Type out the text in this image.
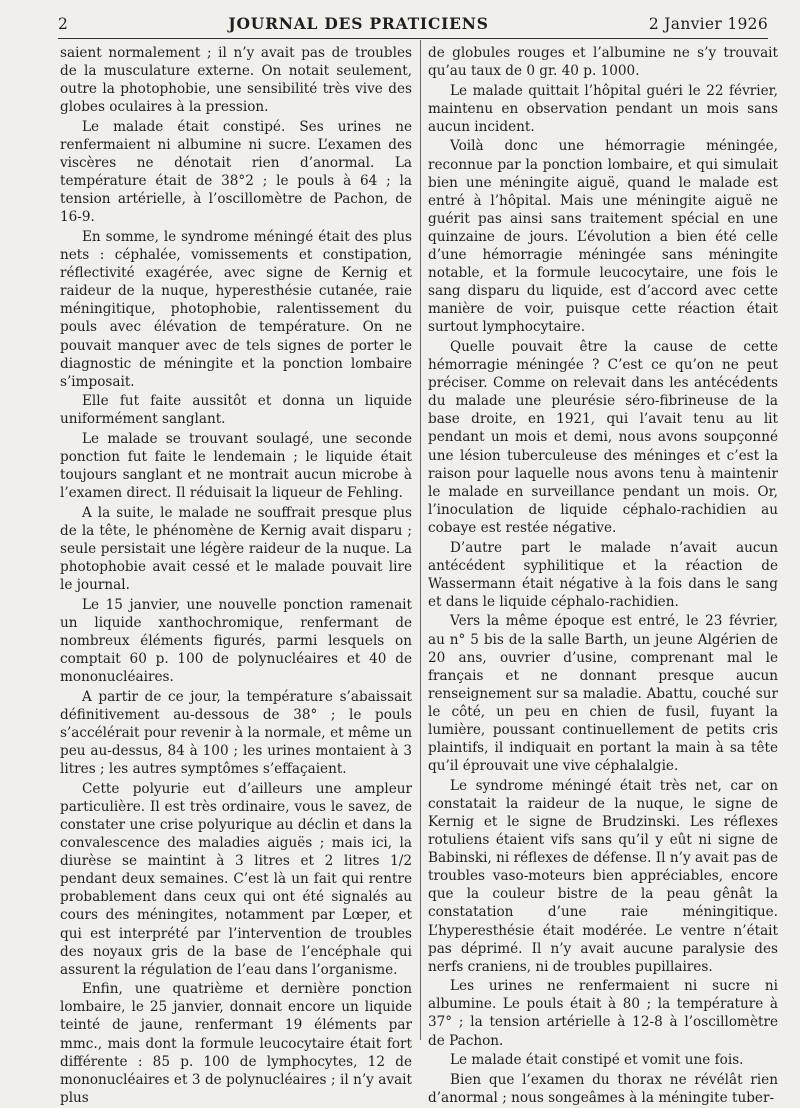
2	JOURNAL DES PRATICIENS	2 Janvier 1926

saient normalement ; il n’y avait pas de troubles de la musculature externe. On notait seulement, outre la photophobie, une sensibilité très vive des globes oculaires à la pression.

Le malade était constipé. Ses urines ne renfermaient ni albumine ni sucre. L’examen des viscères ne dénotait rien d’anormal. La température était de 38°2 ; le pouls à 64 ; la tension artérielle, à l’oscillomètre de Pachon, de 16-9.

En somme, le syndrome méningé était des plus nets : céphalée, vomissements et constipation, réflectivité exagérée, avec signe de Kernig et raideur de la nuque, hyperesthésie cutanée, raie méningitique, photophobie, ralentissement du pouls avec élévation de température. On ne pouvait manquer avec de tels signes de porter le diagnostic de méningite et la ponction lombaire s’imposait.

Elle fut faite aussitôt et donna un liquide uniformément sanglant.

Le malade se trouvant soulagé, une seconde ponction fut faite le lendemain ; le liquide était toujours sanglant et ne montrait aucun microbe à l’examen direct. Il réduisait la liqueur de Fehling.

A la suite, le malade ne souffrait presque plus de la tête, le phénomène de Kernig avait disparu ; seule persistait une légère raideur de la nuque. La photophobie avait cessé et le malade pouvait lire le journal.

Le 15 janvier, une nouvelle ponction ramenait un liquide xanthochromique, renfermant de nombreux éléments figurés, parmi lesquels on comptait 60 p. 100 de polynucléaires et 40 de mononucléaires.

A partir de ce jour, la température s’abaissait définitivement au-dessous de 38° ; le pouls s’accélérait pour revenir à la normale, et même un peu au-dessus, 84 à 100 ; les urines montaient à 3 litres ; les autres symptômes s’effaçaient.

Cette polyurie eut d’ailleurs une ampleur particulière. Il est très ordinaire, vous le savez, de constater une crise polyurique au déclin et dans la convalescence des maladies aiguës ; mais ici, la diurèse se maintint à 3 litres et 2 litres 1/2 pendant deux semaines. C’est là un fait qui rentre probablement dans ceux qui ont été signalés au cours des méningites, notamment par Lœper, et qui est interprété par l’intervention de troubles des noyaux gris de la base de l’encéphale qui assurent la régulation de l’eau dans l’organisme.

Enfin, une quatrième et dernière ponction lombaire, le 25 janvier, donnait encore un liquide teinté de jaune, renfermant 19 éléments par mmc., mais dont la formule leucocytaire était fort différente : 85 p. 100 de lymphocytes, 12 de mononucléaires et 3 de polynucléaires ; il n’y avait plus

de globules rouges et l’albumine ne s’y trouvait qu’au taux de 0 gr. 40 p. 1000.

Le malade quittait l’hôpital guéri le 22 février, maintenu en observation pendant un mois sans aucun incident.

Voilà donc une hémorragie méningée, reconnue par la ponction lombaire, et qui simulait bien une méningite aiguë, quand le malade est entré à l’hôpital. Mais une méningite aiguë ne guérit pas ainsi sans traitement spécial en une quinzaine de jours. L’évolution a bien été celle d’une hémorragie méningée sans méningite notable, et la formule leucocytaire, une fois le sang disparu du liquide, est d’accord avec cette manière de voir, puisque cette réaction était surtout lymphocytaire.

Quelle pouvait être la cause de cette hémorragie méningée ? C’est ce qu’on ne peut préciser. Comme on relevait dans les antécédents du malade une pleurésie séro-fibrineuse de la base droite, en 1921, qui l’avait tenu au lit pendant un mois et demi, nous avons soupçonné une lésion tuberculeuse des méninges et c’est la raison pour laquelle nous avons tenu à maintenir le malade en surveillance pendant un mois. Or, l’inoculation de liquide céphalo-rachidien au cobaye est restée négative.

D’autre part le malade n’avait aucun antécédent syphilitique et la réaction de Wassermann était négative à la fois dans le sang et dans le liquide céphalo-rachidien.

Vers la même époque est entré, le 23 février, au n° 5 bis de la salle Barth, un jeune Algérien de 20 ans, ouvrier d’usine, comprenant mal le français et ne donnant presque aucun renseignement sur sa maladie. Abattu, couché sur le côté, un peu en chien de fusil, fuyant la lumière, poussant continuellement de petits cris plaintifs, il indiquait en portant la main à sa tête qu’il éprouvait une vive céphalalgie.

Le syndrome méningé était très net, car on constatait la raideur de la nuque, le signe de Kernig et le signe de Brudzinski. Les réflexes rotuliens étaient vifs sans qu’il y eût ni signe de Babinski, ni réflexes de défense. Il n’y avait pas de troubles vaso-moteurs bien appréciables, encore que la couleur bistre de la peau gênât la constatation d’une raie méningitique. L’hyperesthésie était modérée. Le ventre n’était pas déprimé. Il n’y avait aucune paralysie des nerfs craniens, ni de troubles pupillaires.

Les urines ne renfermaient ni sucre ni albumine. Le pouls était à 80 ; la température à 37° ; la tension artérielle à 12-8 à l’oscillomètre de Pachon.

Le malade était constipé et vomit une fois.

Bien que l’examen du thorax ne révélât rien d’anormal ; nous songeâmes à la méningite tuber-
